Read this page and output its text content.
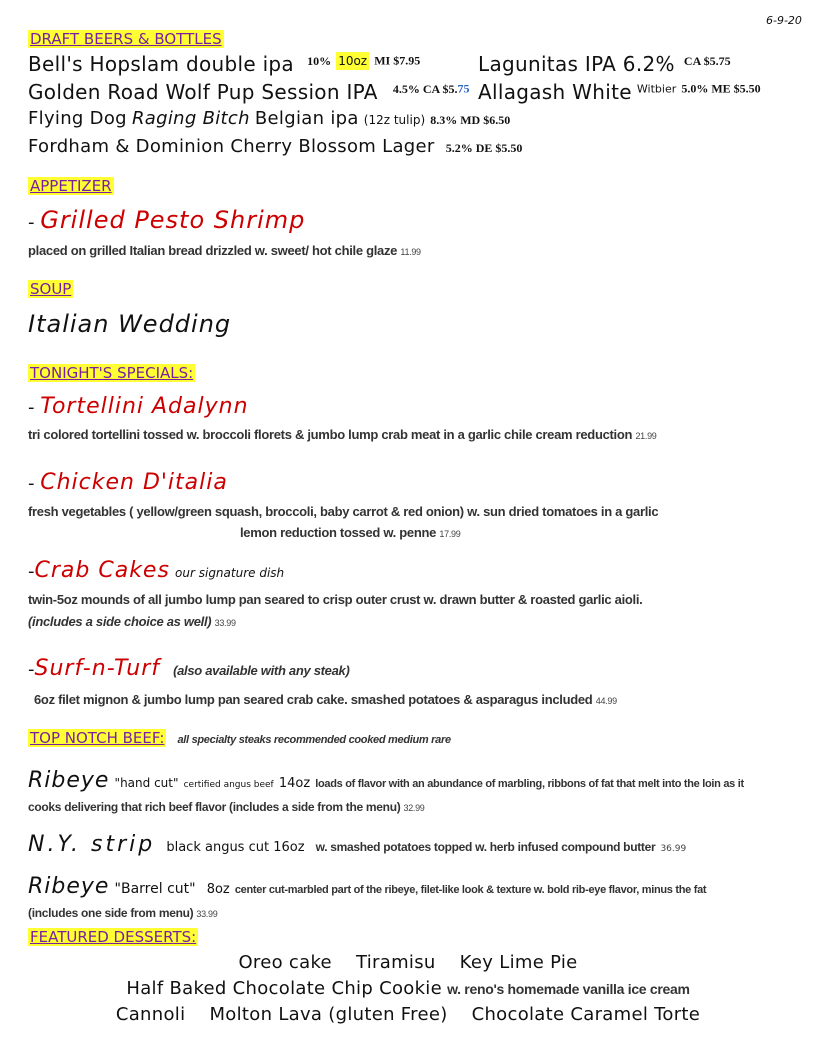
6-9-20
DRAFT BEERS & BOTTLES
Bell's Hopslam double ipa $^{10\%}$ $^{10oz}$ $^{MI \$7.95}$	Lagunitas IPA 6.2% $^{CA \$5.75}$
Golden Road Wolf Pup Session IPA $^{4.5\% CA \$5.75}$ Allagash White $^{Witbier}$ $^{5.0\% ME \$5.50}$
Flying Dog Raging Bitch Belgian ipa (12z tulip) 8.3% MD $6.50
Fordham & Dominion Cherry Blossom Lager 5.2% DE $5.50
APPETIZER
- Grilled Pesto Shrimp
placed on grilled Italian bread drizzled w. sweet/ hot chile glaze 11.99
SOUP
Italian Wedding
TONIGHT'S SPECIALS:
- Tortellini Adalynn
tri colored tortellini tossed w. broccoli florets & jumbo lump crab meat in a garlic chile cream reduction 21.99
- Chicken D'italia
fresh vegetables ( yellow/green squash, broccoli, baby carrot & red onion) w. sun dried tomatoes in a garlic
lemon reduction tossed w. penne 17.99
-Crab Cakes our signature dish
twin-5oz mounds of all jumbo lump pan seared to crisp outer crust w. drawn butter & roasted garlic aioli.
(includes a side choice as well) 33.99
-Surf-n-Turf (also available with any steak)
6oz filet mignon & jumbo lump pan seared crab cake. smashed potatoes & asparagus included 44.99
TOP NOTCH BEEF: all specialty steaks recommended cooked medium rare
Ribeye "hand cut" certified angus beef 14oz loads of flavor with an abundance of marbling, ribbons of fat that melt into the loin as it
cooks delivering that rich beef flavor (includes a side from the menu) 32.99
N.Y. strip black angus cut 16oz w. smashed potatoes topped w. herb infused compound butter 36.99
Ribeye "Barrel cut" 8oz center cut-marbled part of the ribeye, filet-like look & texture w. bold rib-eye flavor, minus the fat
(includes one side from menu) 33.99
FEATURED DESSERTS:
Oreo cake    Tiramisu    Key Lime Pie
Half Baked Chocolate Chip Cookie w. reno's homemade vanilla ice cream
Cannoli    Molton Lava (gluten Free)    Chocolate Caramel Torte
